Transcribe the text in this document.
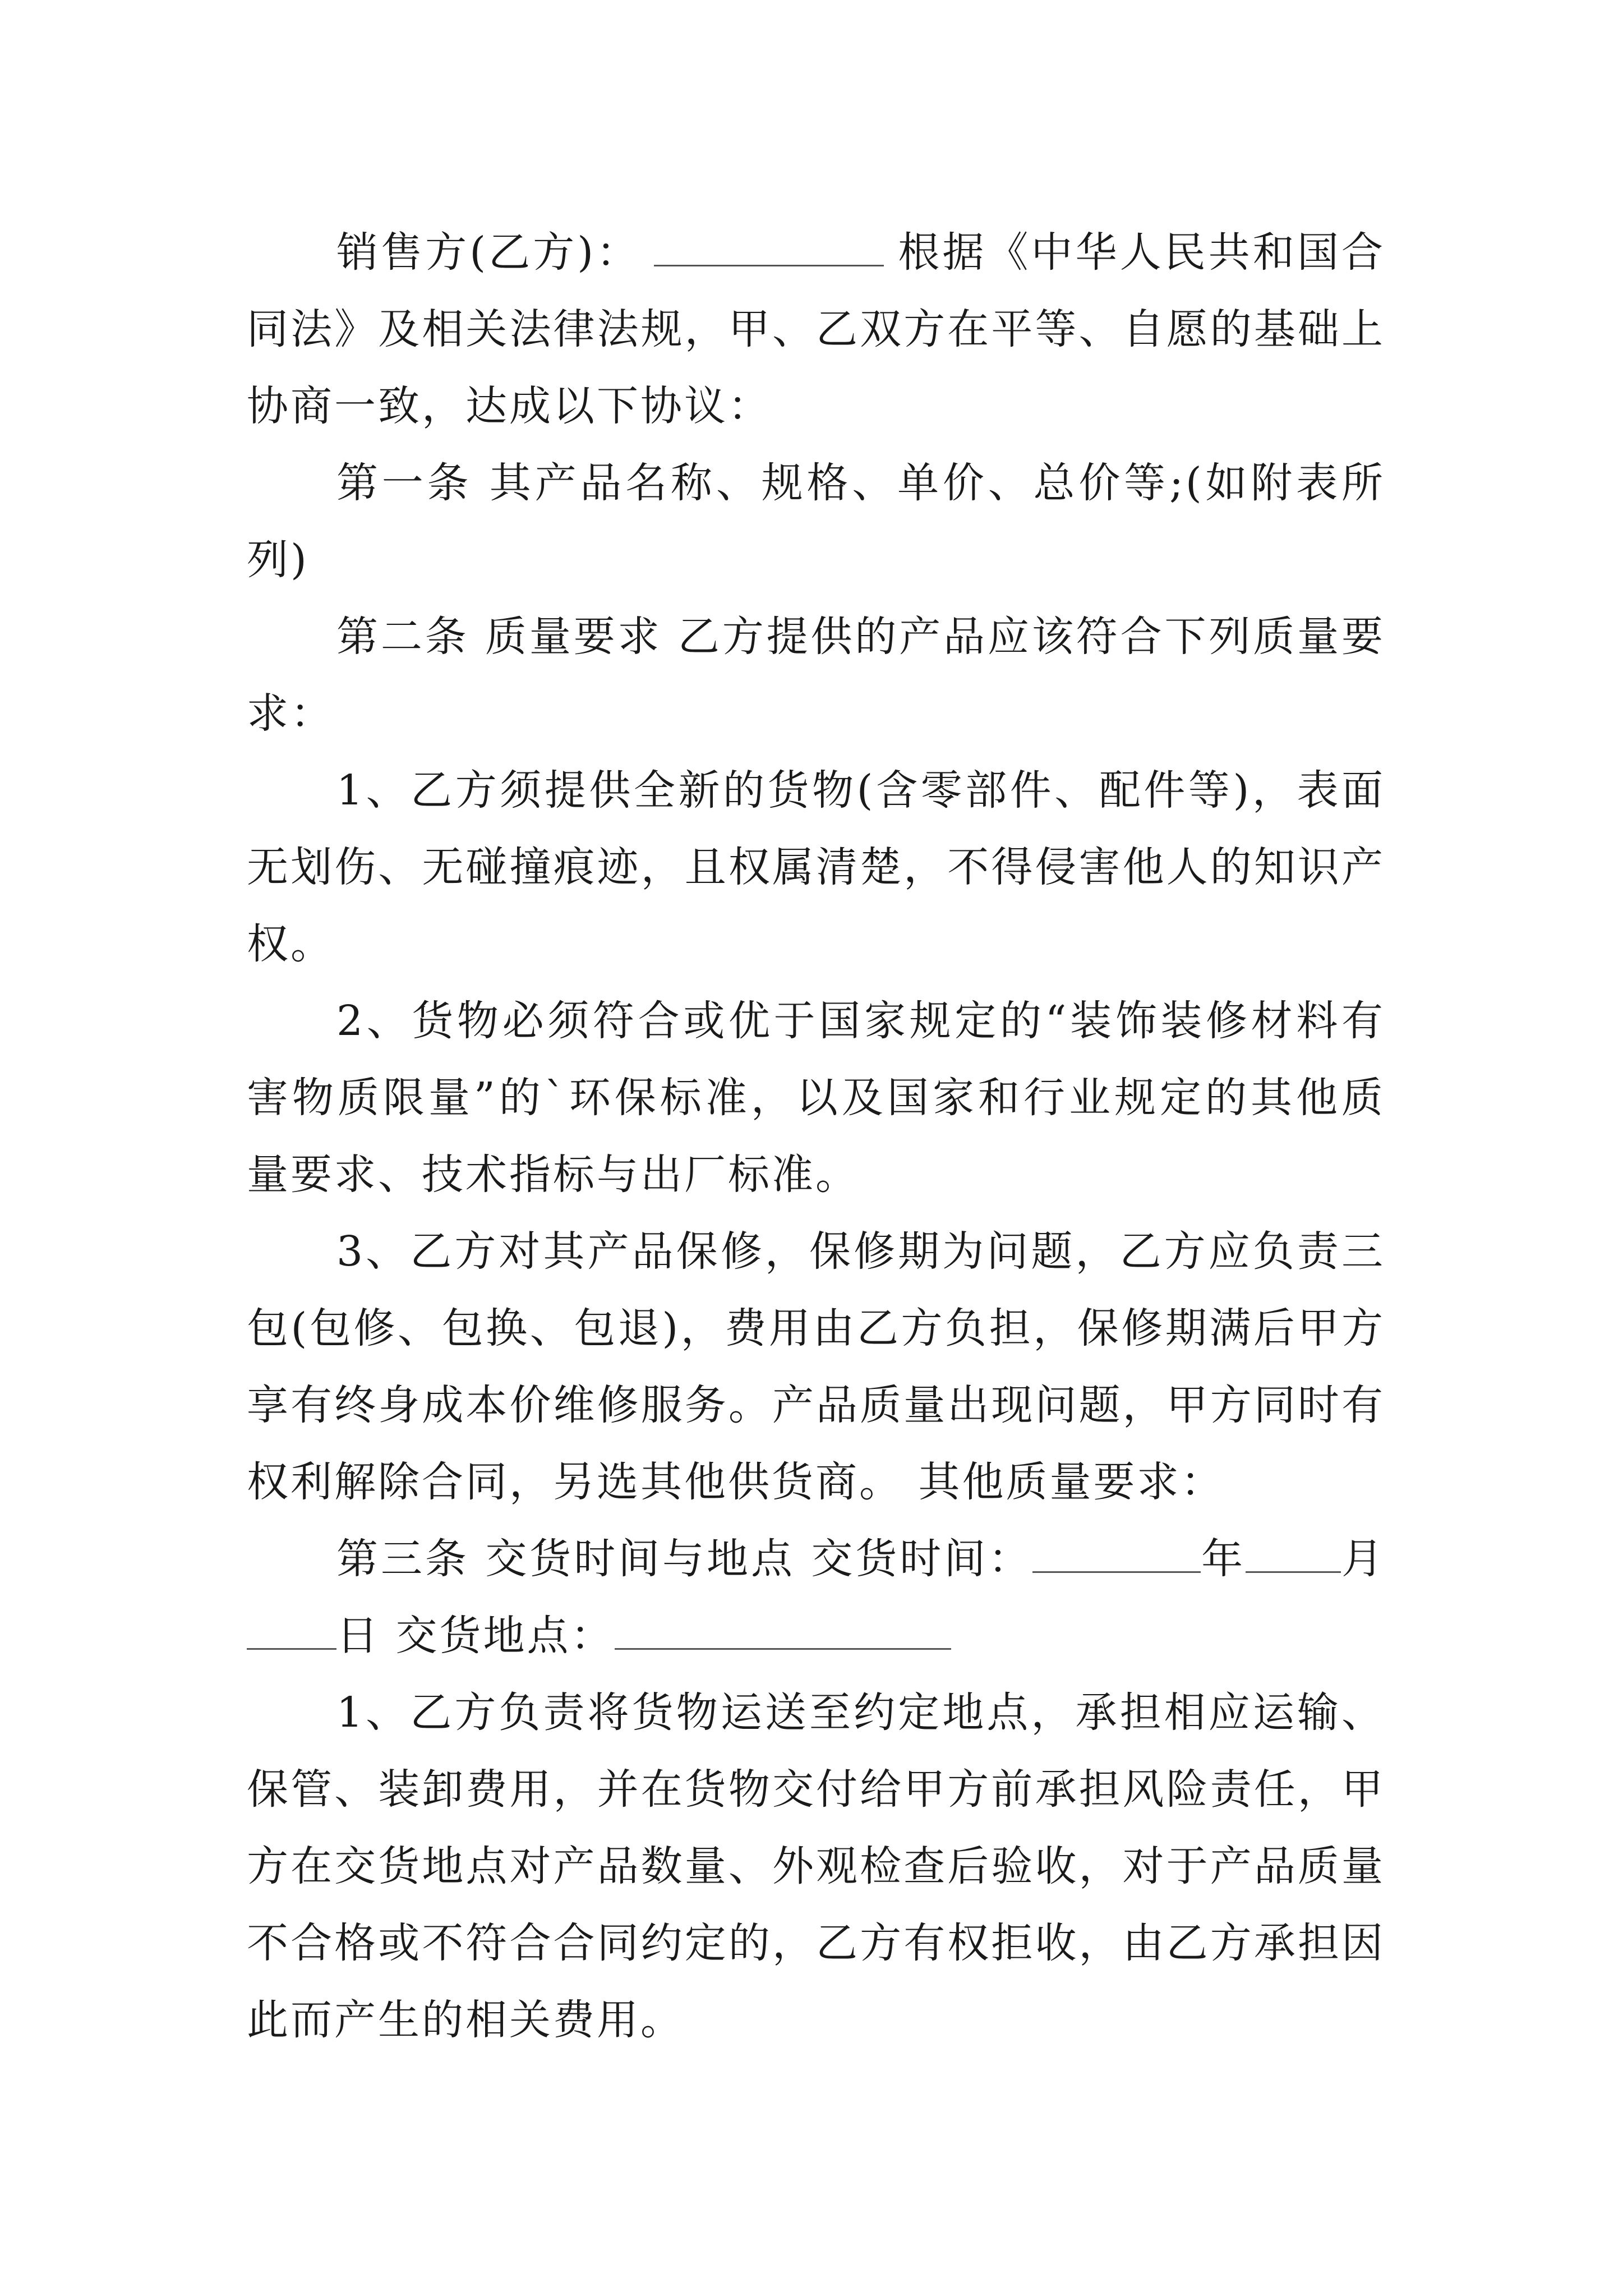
销售方(乙方)：	根据《中华人民共和国合同法》及相关法律法规，甲、乙双方在平等、自愿的基础上协商一致，达成以下协议：

第一条 其产品名称、规格、单价、总价等;(如附表所列)

第二条 质量要求 乙方提供的产品应该符合下列质量要求：

1、乙方须提供全新的货物(含零部件、配件等)，表面无划伤、无碰撞痕迹，且权属清楚，不得侵害他人的知识产权。

2、货物必须符合或优于国家规定的“装饰装修材料有害物质限量”的`环保标准，以及国家和行业规定的其他质量要求、技术指标与出厂标准。

3、乙方对其产品保修，保修期为问题，乙方应负责三包(包修、包换、包退)，费用由乙方负担，保修期满后甲方享有终身成本价维修服务。产品质量出现问题，甲方同时有权利解除合同，另选其他供货商。 其他质量要求：

第三条 交货时间与地点 交货时间：	年 月日 交货地点：

1、乙方负责将货物运送至约定地点，承担相应运输、保管、装卸费用，并在货物交付给甲方前承担风险责任，甲方在交货地点对产品数量、外观检查后验收，对于产品质量不合格或不符合合同约定的，乙方有权拒收，由乙方承担因此而产生的相关费用。
